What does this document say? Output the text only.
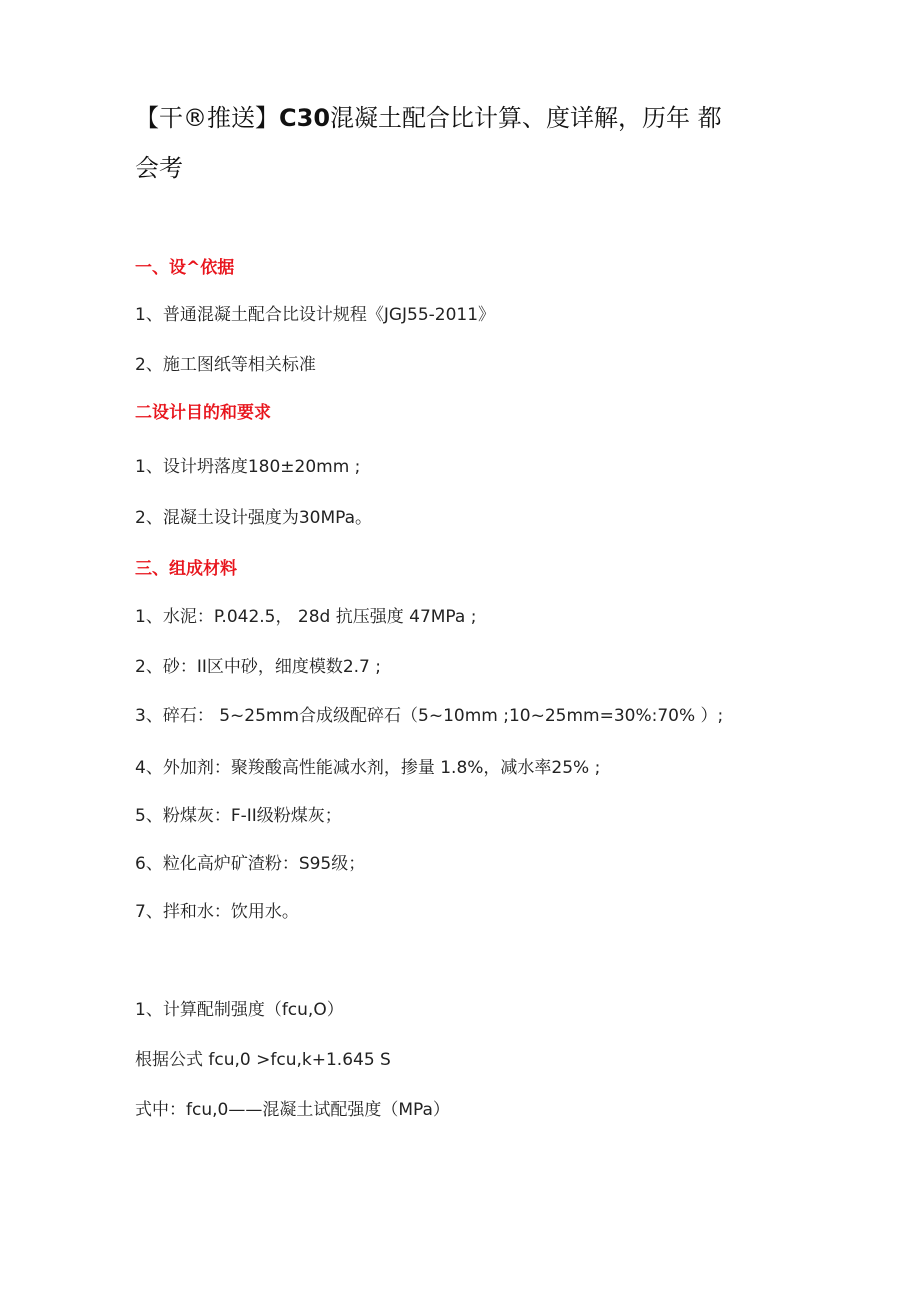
【干®推送】C30混凝土配合比计算、度详解，历年 都
会考
一、设^依据
1、普通混凝土配合比设计规程《JGJ55-2011》
2、施工图纸等相关标准
二设计目的和要求
1、设计坍落度180±20mm ;
2、混凝土设计强度为30MPa。
三、组成材料
1、水泥：P.042.5， 28d 抗压强度 47MPa ;
2、砂：II区中砂，细度模数2.7 ;
3、碎石： 5~25mm合成级配碎石（5~10mm ;10~25mm=30%:70% ）;
4、外加剂：聚羧酸高性能减水剂，掺量 1.8%，减水率25% ;
5、粉煤灰：F-II级粉煤灰；
6、粒化高炉矿渣粉：S95级；
7、拌和水：饮用水。
1、计算配制强度（fcu,O）
根据公式 fcu,0 >fcu,k+1.645 S
式中：fcu,0——混凝土试配强度（MPa）
